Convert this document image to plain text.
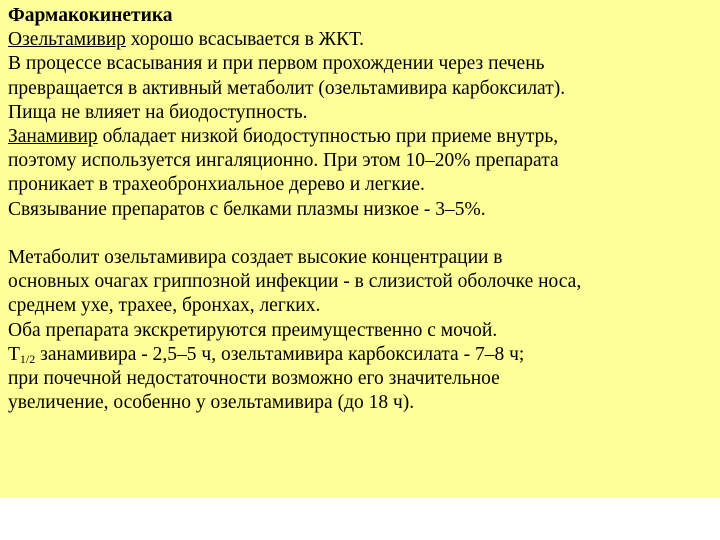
Фармакокинетика
Озельтамивир хорошо всасывается в ЖКТ.
В процессе всасывания и при первом прохождении через печень
превращается в активный метаболит (озельтамивира карбоксилат).
Пища не влияет на биодоступность.
Занамивир обладает низкой биодоступностью при приеме внутрь,
поэтому используется ингаляционно. При этом 10–20% препарата
проникает в трахеобронхиальное дерево и легкие.
Связывание препаратов с белками плазмы низкое - 3–5%.
Метаболит озельтамивира создает высокие концентрации в
основных очагах гриппозной инфекции - в слизистой оболочке носа,
среднем ухе, трахее, бронхах, легких.
Оба препарата экскретируются преимущественно с мочой.
$T_{1/2}$ занамивира - 2,5–5 ч, озельтамивира карбоксилата - 7–8 ч;
при почечной недостаточности возможно его значительное
увеличение, особенно у озельтамивира (до 18 ч).
